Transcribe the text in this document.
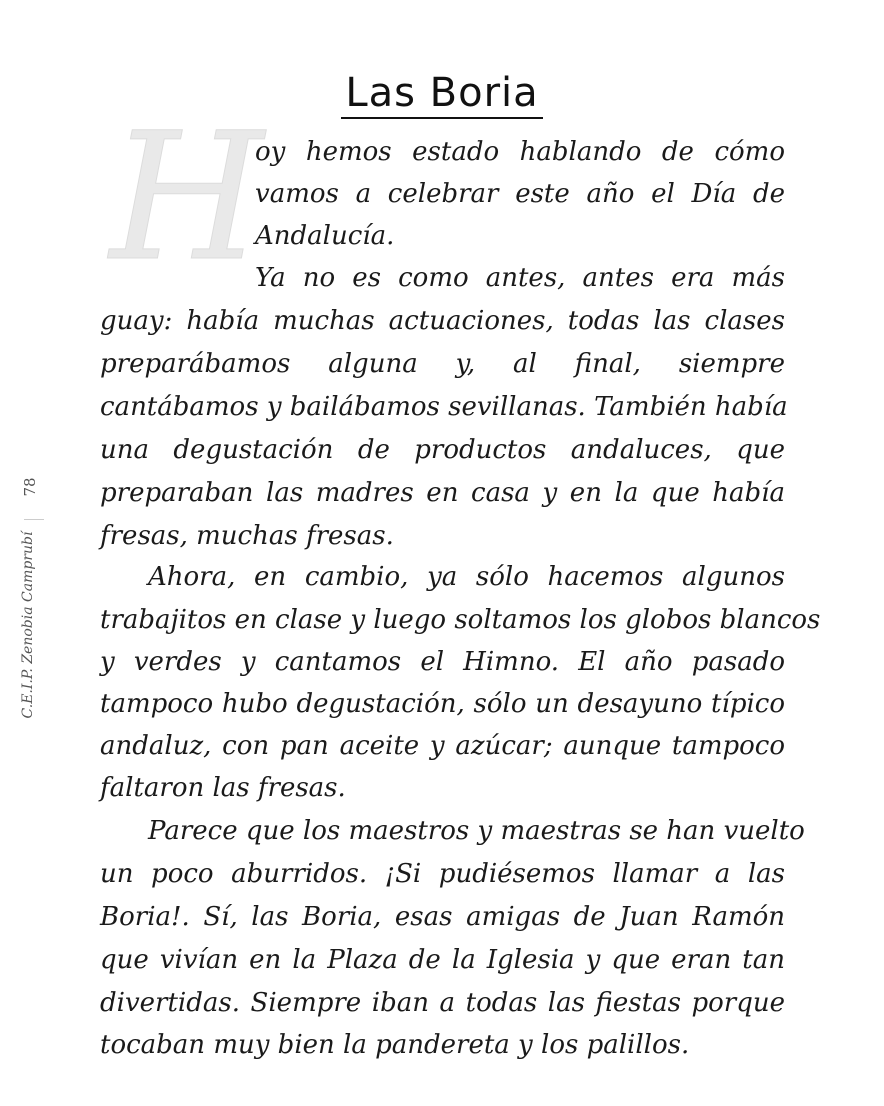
Las Boria
H
78
C.E.I.P. Zenobia Camprubí
oy hemos estado hablando de cómo
vamos a celebrar este año el Día de
Andalucía.
Ya no es como antes, antes era más
guay: había muchas actuaciones, todas las clases
preparábamos alguna y, al final, siempre
cantábamos y bailábamos sevillanas. También había
una degustación de productos andaluces, que
preparaban las madres en casa y en la que había
fresas, muchas fresas.
Ahora, en cambio, ya sólo hacemos algunos
trabajitos en clase y luego soltamos los globos blancos
y verdes y cantamos el Himno. El año pasado
tampoco hubo degustación, sólo un desayuno típico
andaluz, con pan aceite y azúcar; aunque tampoco
faltaron las fresas.
Parece que los maestros y maestras se han vuelto
un poco aburridos. ¡Si pudiésemos llamar a las
Boria!. Sí, las Boria, esas amigas de Juan Ramón
que vivían en la Plaza de la Iglesia y que eran tan
divertidas. Siempre iban a todas las fiestas porque
tocaban muy bien la pandereta y los palillos.
